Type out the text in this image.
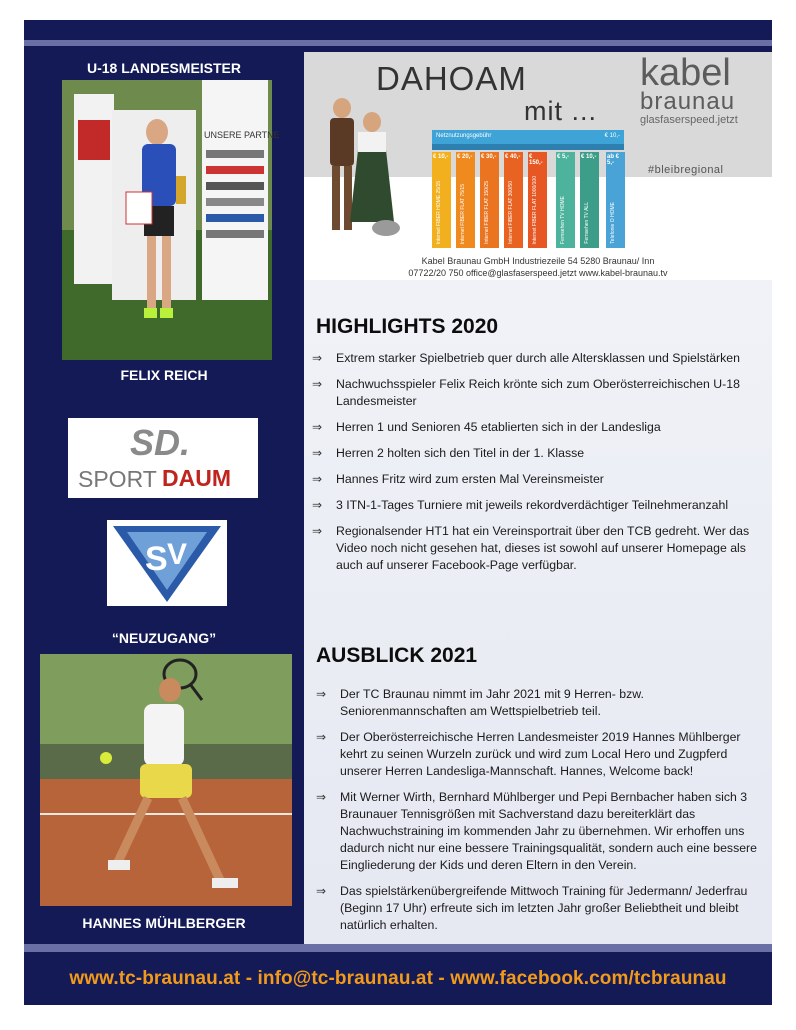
U-18 LANDESMEISTER
UNSERE PARTNE
FELIX REICH
SD.
SPORT DAUM
S V
“NEUZUGANG”
HANNES MÜHLBERGER
DAHOAM
mit ...
kabel
braunau
glasfaserspeed.jetzt
#bleibregional
Netznutzungsgebühr	€ 10,-
€ 10,-
Internet FIBER HOME 25/15
€ 20,-
Internet FIBER FLAT 75/15
€ 30,-
Internet FIBER FLAT 150/25
€ 40,-
Internet FIBER FLAT 300/50
€ 150,-
Internet FIBER FLAT 1000/100
€ 5,-
Fernsehen TV HOME
€ 10,-
Fernsehen TV ALL
ab € 5,-
Telefonie O HOME
Kabel Braunau GmbH Industriezeile 54 5280 Braunau/ Inn
07722/20 750 office@glasfaserspeed.jetzt www.kabel-braunau.tv
HIGHLIGHTS 2020
⇒ Extrem starker Spielbetrieb quer durch alle Altersklassen und Spielstärken
⇒ Nachwuchsspieler Felix Reich krönte sich zum Oberösterreichischen U-18 Landesmeister
⇒ Herren 1 und Senioren 45 etablierten sich in der Landesliga
⇒ Herren 2 holten sich den Titel in der 1. Klasse
⇒ Hannes Fritz wird zum ersten Mal Vereinsmeister
⇒ 3 ITN-1-Tages Turniere mit jeweils rekordverdächtiger Teilnehmeranzahl
⇒ Regionalsender HT1 hat ein Vereinsportrait über den TCB gedreht. Wer das Video noch nicht gesehen hat, dieses ist sowohl auf unserer Homepage als auch auf unserer Facebook-Page verfügbar.
AUSBLICK 2021
⇒ Der TC Braunau nimmt im Jahr 2021 mit 9 Herren- bzw. Seniorenmannschaften am Wettspielbetrieb teil.
⇒ Der Oberösterreichische Herren Landesmeister 2019 Hannes Mühlberger kehrt zu seinen Wurzeln zurück und wird zum Local Hero und Zugpferd unserer Herren Landesliga-Mannschaft. Hannes, Welcome back!
⇒ Mit Werner Wirth, Bernhard Mühlberger und Pepi Bernbacher haben sich 3 Braunauer Tennisgrößen mit Sachverstand dazu bereiterklärt das Nachwuchstraining im kommenden Jahr zu übernehmen. Wir erhoffen uns dadurch nicht nur eine bessere Trainingsqualität, sondern auch eine bessere Eingliederung der Kids und deren Eltern in den Verein.
⇒ Das spielstärkenübergreifende Mittwoch Training für Jedermann/ Jederfrau (Beginn 17 Uhr) erfreute sich im letzten Jahr großer Beliebtheit und bleibt natürlich erhalten.
www.tc-braunau.at - info@tc-braunau.at - www.facebook.com/tcbraunau
